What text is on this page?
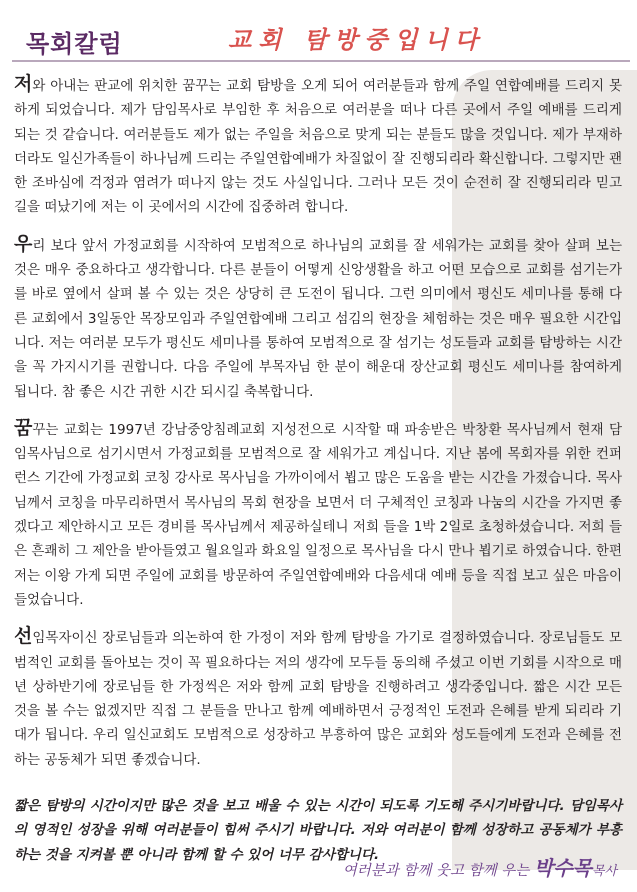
목회칼럼	교회 탐방중입니다

저와 아내는 판교에 위치한 꿈꾸는 교회 탐방을 오게 되어 여러분들과 함께 주일 연합예배를 드리지 못하게 되었습니다. 제가 담임목사로 부임한 후 처음으로 여러분을 떠나 다른 곳에서 주일 예배를 드리게 되는 것 같습니다. 여러분들도 제가 없는 주일을 처음으로 맞게 되는 분들도 많을 것입니다. 제가 부재하더라도 일신가족들이 하나님께 드리는 주일연합예배가 차질없이 잘 진행되리라 확신합니다. 그렇지만 괜한 조바심에 걱정과 염려가 떠나지 않는 것도 사실입니다. 그러나 모든 것이 순전히 잘 진행되리라 믿고 길을 떠났기에 저는 이 곳에서의 시간에 집중하려 합니다.

우리 보다 앞서 가정교회를 시작하여 모범적으로 하나님의 교회를 잘 세워가는 교회를 찾아 살펴 보는 것은 매우 중요하다고 생각합니다. 다른 분들이 어떻게 신앙생활을 하고 어떤 모습으로 교회를 섬기는가를 바로 옆에서 살펴 볼 수 있는 것은 상당히 큰 도전이 됩니다. 그런 의미에서 평신도 세미나를 통해 다른 교회에서 3일동안 목장모임과 주일연합예배 그리고 섬김의 현장을 체험하는 것은 매우 필요한 시간입니다. 저는 여러분 모두가 평신도 세미나를 통하여 모범적으로 잘 섬기는 성도들과 교회를 탐방하는 시간을 꼭 가지시기를 권합니다. 다음 주일에 부목자님 한 분이 해운대 장산교회 평신도 세미나를 참여하게 됩니다. 참 좋은 시간 귀한 시간 되시길 축복합니다.

꿈꾸는 교회는 1997년 강남중앙침례교회 지성전으로 시작할 때 파송받은 박창환 목사님께서 현재 담임목사님으로 섬기시면서 가정교회를 모범적으로 잘 세워가고 계십니다. 지난 봄에 목회자를 위한 컨퍼런스 기간에 가정교회 코칭 강사로 목사님을 가까이에서 뵙고 많은 도움을 받는 시간을 가졌습니다. 목사님께서 코칭을 마무리하면서 목사님의 목회 현장을 보면서 더 구체적인 코칭과 나눔의 시간을 가지면 좋겠다고 제안하시고 모든 경비를 목사님께서 제공하실테니 저희 들을 1박 2일로 초청하셨습니다. 저희 들은 흔쾌히 그 제안을 받아들였고 월요일과 화요일 일정으로 목사님을 다시 만나 뵙기로 하였습니다. 한편 저는 이왕 가게 되면 주일에 교회를 방문하여 주일연합예배와 다음세대 예배 등을 직접 보고 싶은 마음이 들었습니다.

선임목자이신 장로님들과 의논하여 한 가정이 저와 함께 탐방을 가기로 결정하였습니다. 장로님들도 모범적인 교회를 돌아보는 것이 꼭 필요하다는 저의 생각에 모두들 동의해 주셨고 이번 기회를 시작으로 매년 상하반기에 장로님들 한 가정씩은 저와 함께 교회 탐방을 진행하려고 생각중입니다. 짧은 시간 모든 것을 볼 수는 없겠지만 직접 그 분들을 만나고 함께 예배하면서 긍정적인 도전과 은혜를 받게 되리라 기대가 됩니다. 우리 일신교회도 모범적으로 성장하고 부흥하여 많은 교회와 성도들에게 도전과 은혜를 전하는 공동체가 되면 좋겠습니다.

짧은 탐방의 시간이지만 많은 것을 보고 배울 수 있는 시간이 되도록 기도해 주시기바랍니다. 담임목사의 영적인 성장을 위해 여러분들이 힘써 주시기 바랍니다. 저와 여러분이 함께 성장하고 공동체가 부흥하는 것을 지켜볼 뿐 아니라 함께 할 수 있어 너무 감사합니다.

여러분과 함께 웃고 함께 우는 박수목목사
